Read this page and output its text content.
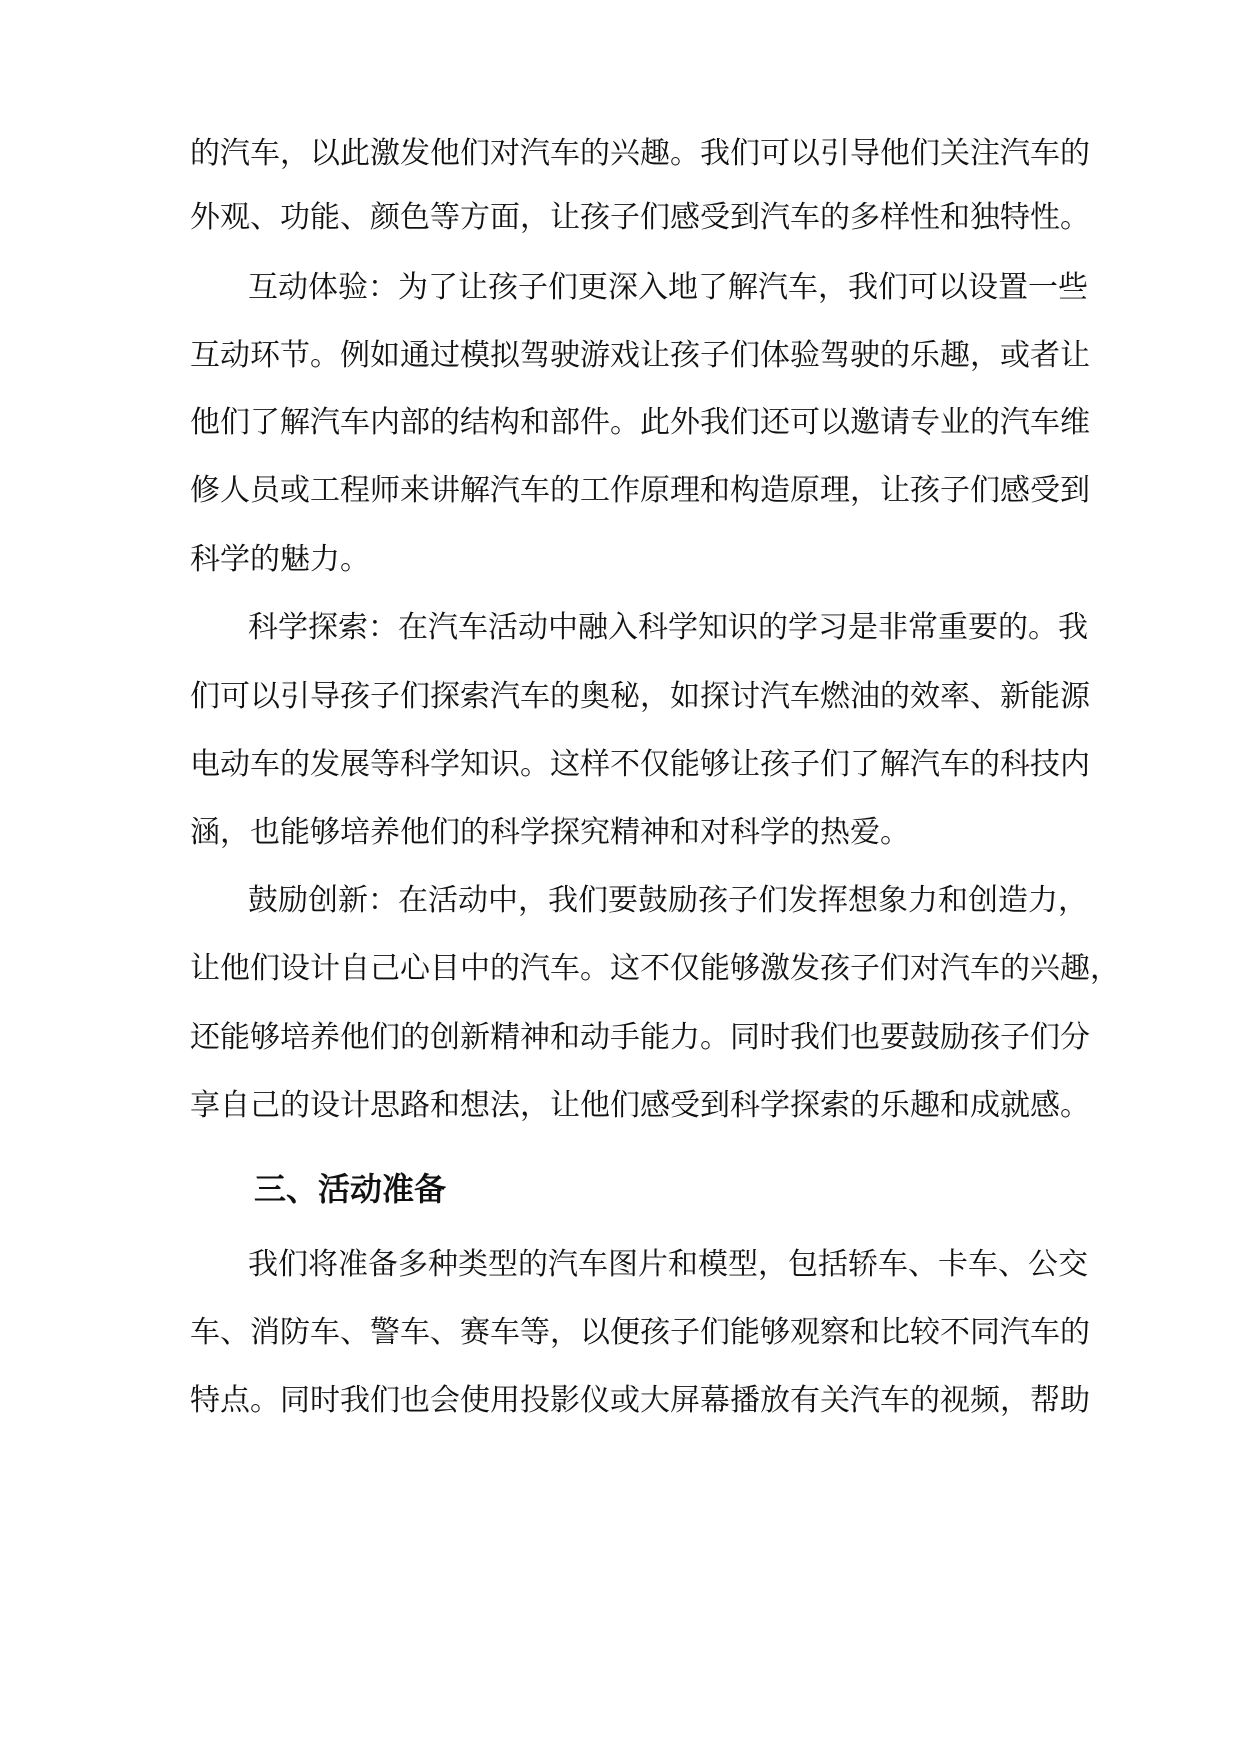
的汽车，以此激发他们对汽车的兴趣。我们可以引导他们关注汽车的
外观、功能、颜色等方面，让孩子们感受到汽车的多样性和独特性。
互动体验：为了让孩子们更深入地了解汽车，我们可以设置一些
互动环节。例如通过模拟驾驶游戏让孩子们体验驾驶的乐趣，或者让
他们了解汽车内部的结构和部件。此外我们还可以邀请专业的汽车维
修人员或工程师来讲解汽车的工作原理和构造原理，让孩子们感受到
科学的魅力。
科学探索：在汽车活动中融入科学知识的学习是非常重要的。我
们可以引导孩子们探索汽车的奥秘，如探讨汽车燃油的效率、新能源
电动车的发展等科学知识。这样不仅能够让孩子们了解汽车的科技内
涵，也能够培养他们的科学探究精神和对科学的热爱。
鼓励创新：在活动中，我们要鼓励孩子们发挥想象力和创造力，
让他们设计自己心目中的汽车。这不仅能够激发孩子们对汽车的兴趣，
还能够培养他们的创新精神和动手能力。同时我们也要鼓励孩子们分
享自己的设计思路和想法，让他们感受到科学探索的乐趣和成就感。
三、活动准备
我们将准备多种类型的汽车图片和模型，包括轿车、卡车、公交
车、消防车、警车、赛车等，以便孩子们能够观察和比较不同汽车的
特点。同时我们也会使用投影仪或大屏幕播放有关汽车的视频，帮助
